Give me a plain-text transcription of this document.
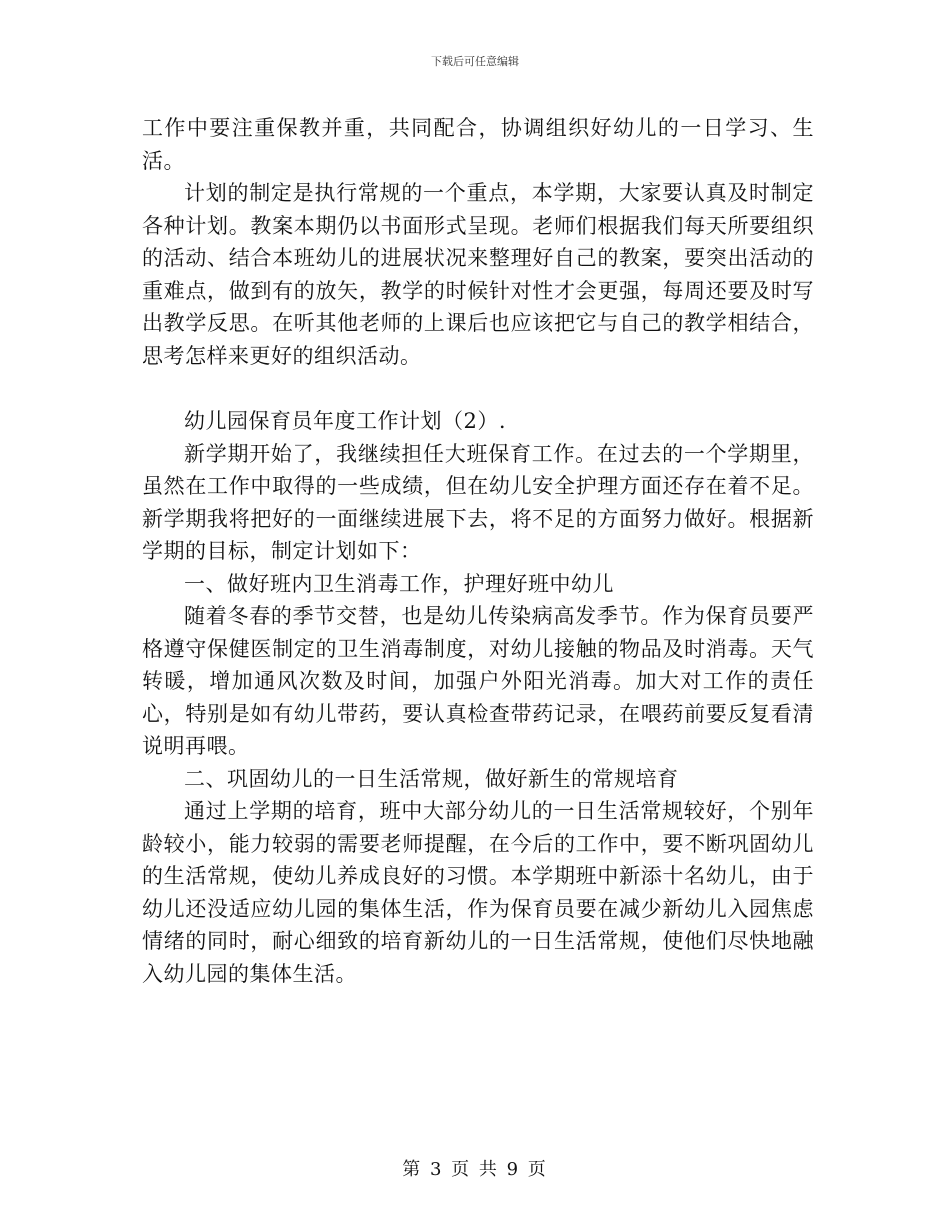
下载后可任意编辑

工作中要注重保教并重，共同配合，协调组织好幼儿的一日学习、生活。

计划的制定是执行常规的一个重点，本学期，大家要认真及时制定各种计划。教案本期仍以书面形式呈现。老师们根据我们每天所要组织的活动、结合本班幼儿的进展状况来整理好自己的教案，要突出活动的重难点，做到有的放矢，教学的时候针对性才会更强，每周还要及时写出教学反思。在听其他老师的上课后也应该把它与自己的教学相结合，思考怎样来更好的组织活动。

幼儿园保育员年度工作计划（2）.

新学期开始了，我继续担任大班保育工作。在过去的一个学期里，虽然在工作中取得的一些成绩，但在幼儿安全护理方面还存在着不足。新学期我将把好的一面继续进展下去，将不足的方面努力做好。根据新学期的目标，制定计划如下：

一、做好班内卫生消毒工作，护理好班中幼儿

随着冬春的季节交替，也是幼儿传染病高发季节。作为保育员要严格遵守保健医制定的卫生消毒制度，对幼儿接触的物品及时消毒。天气转暖，增加通风次数及时间，加强户外阳光消毒。加大对工作的责任心，特别是如有幼儿带药，要认真检查带药记录，在喂药前要反复看清说明再喂。

二、巩固幼儿的一日生活常规，做好新生的常规培育

通过上学期的培育，班中大部分幼儿的一日生活常规较好，个别年龄较小，能力较弱的需要老师提醒，在今后的工作中，要不断巩固幼儿的生活常规，使幼儿养成良好的习惯。本学期班中新添十名幼儿，由于幼儿还没适应幼儿园的集体生活，作为保育员要在减少新幼儿入园焦虑情绪的同时，耐心细致的培育新幼儿的一日生活常规，使他们尽快地融入幼儿园的集体生活。

第 3 页 共 9 页
